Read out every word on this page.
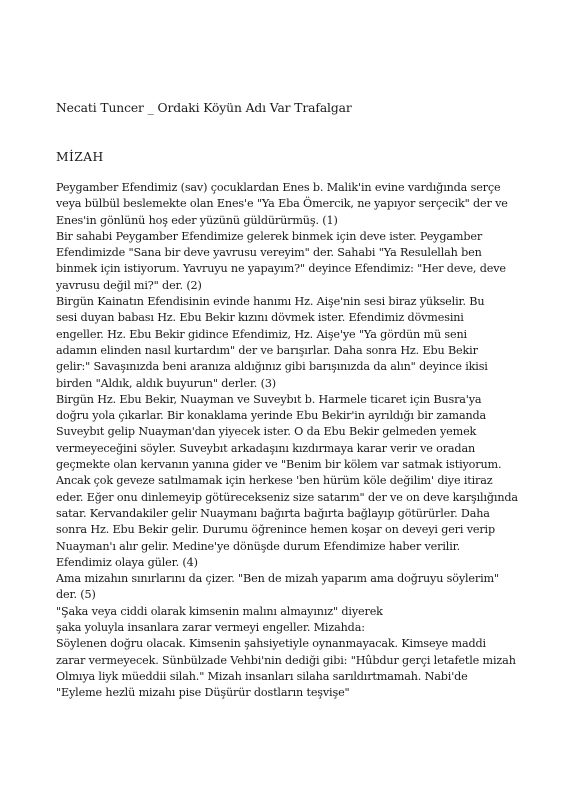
Necati Tuncer _ Ordaki Köyün Adı Var Trafalgar
MİZAH
Peygamber Efendimiz (sav) çocuklardan Enes b. Malik'in evine vardığında serçe
veya bülbül beslemekte olan Enes'e "Ya Eba Ömercik, ne yapıyor serçecik" der ve
Enes'in gönlünü hoş eder yüzünü güldürürmüş. (1)
Bir sahabi Peygamber Efendimize gelerek binmek için deve ister. Peygamber
Efendimizde "Sana bir deve yavrusu vereyim" der. Sahabi "Ya Resulellah ben
binmek için istiyorum. Yavruyu ne yapayım?" deyince Efendimiz: "Her deve, deve
yavrusu değil mi?" der. (2)
Birgün Kainatın Efendisinin evinde hanımı Hz. Aişe'nin sesi biraz yükselir. Bu
sesi duyan babası Hz. Ebu Bekir kızını dövmek ister. Efendimiz dövmesini
engeller. Hz. Ebu Bekir gidince Efendimiz, Hz. Aişe'ye "Ya gördün mü seni
adamın elinden nasıl kurtardım" der ve barışırlar. Daha sonra Hz. Ebu Bekir
gelir:" Savaşınızda beni aranıza aldığınız gibi barışınızda da alın" deyince ikisi
birden "Aldık, aldık buyurun" derler. (3)
Birgün Hz. Ebu Bekir, Nuayman ve Suveybıt b. Harmele ticaret için Busra'ya
doğru yola çıkarlar. Bir konaklama yerinde Ebu Bekir'in ayrıldığı bir zamanda
Suveybıt gelip Nuayman'dan yiyecek ister. O da Ebu Bekir gelmeden yemek
vermeyeceğini söyler. Suveybıt arkadaşını kızdırmaya karar verir ve oradan
geçmekte olan kervanın yanına gider ve "Benim bir kölem var satmak istiyorum.
Ancak çok geveze satılmamak için herkese 'ben hürüm köle değilim' diye itiraz
eder. Eğer onu dinlemeyip götürecekseniz size satarım" der ve on deve karşılığında
satar. Kervandakiler gelir Nuaymanı bağırta bağırta bağlayıp götürürler. Daha
sonra Hz. Ebu Bekir gelir. Durumu öğrenince hemen koşar on deveyi geri verip
Nuayman'ı alır gelir. Medine'ye dönüşde durum Efendimize haber verilir.
Efendimiz olaya güler. (4)
Ama mizahın sınırlarını da çizer. "Ben de mizah yaparım ama doğruyu söylerim"
der. (5)
"Şaka veya ciddi olarak kimsenin malını almayınız" diyerek
şaka yoluyla insanlara zarar vermeyi engeller. Mizahda:
Söylenen doğru olacak. Kimsenin şahsiyetiyle oynanmayacak. Kimseye maddi
zarar vermeyecek. Sünbülzade Vehbi'nin dediği gibi: "Hûbdur gerçi letafetle mizah
Olmıya liyk müeddii silah." Mizah insanları silaha sarıldırtmamah. Nabi'de
"Eyleme hezlü mizahı pise Düşürür dostların teşvişe"
